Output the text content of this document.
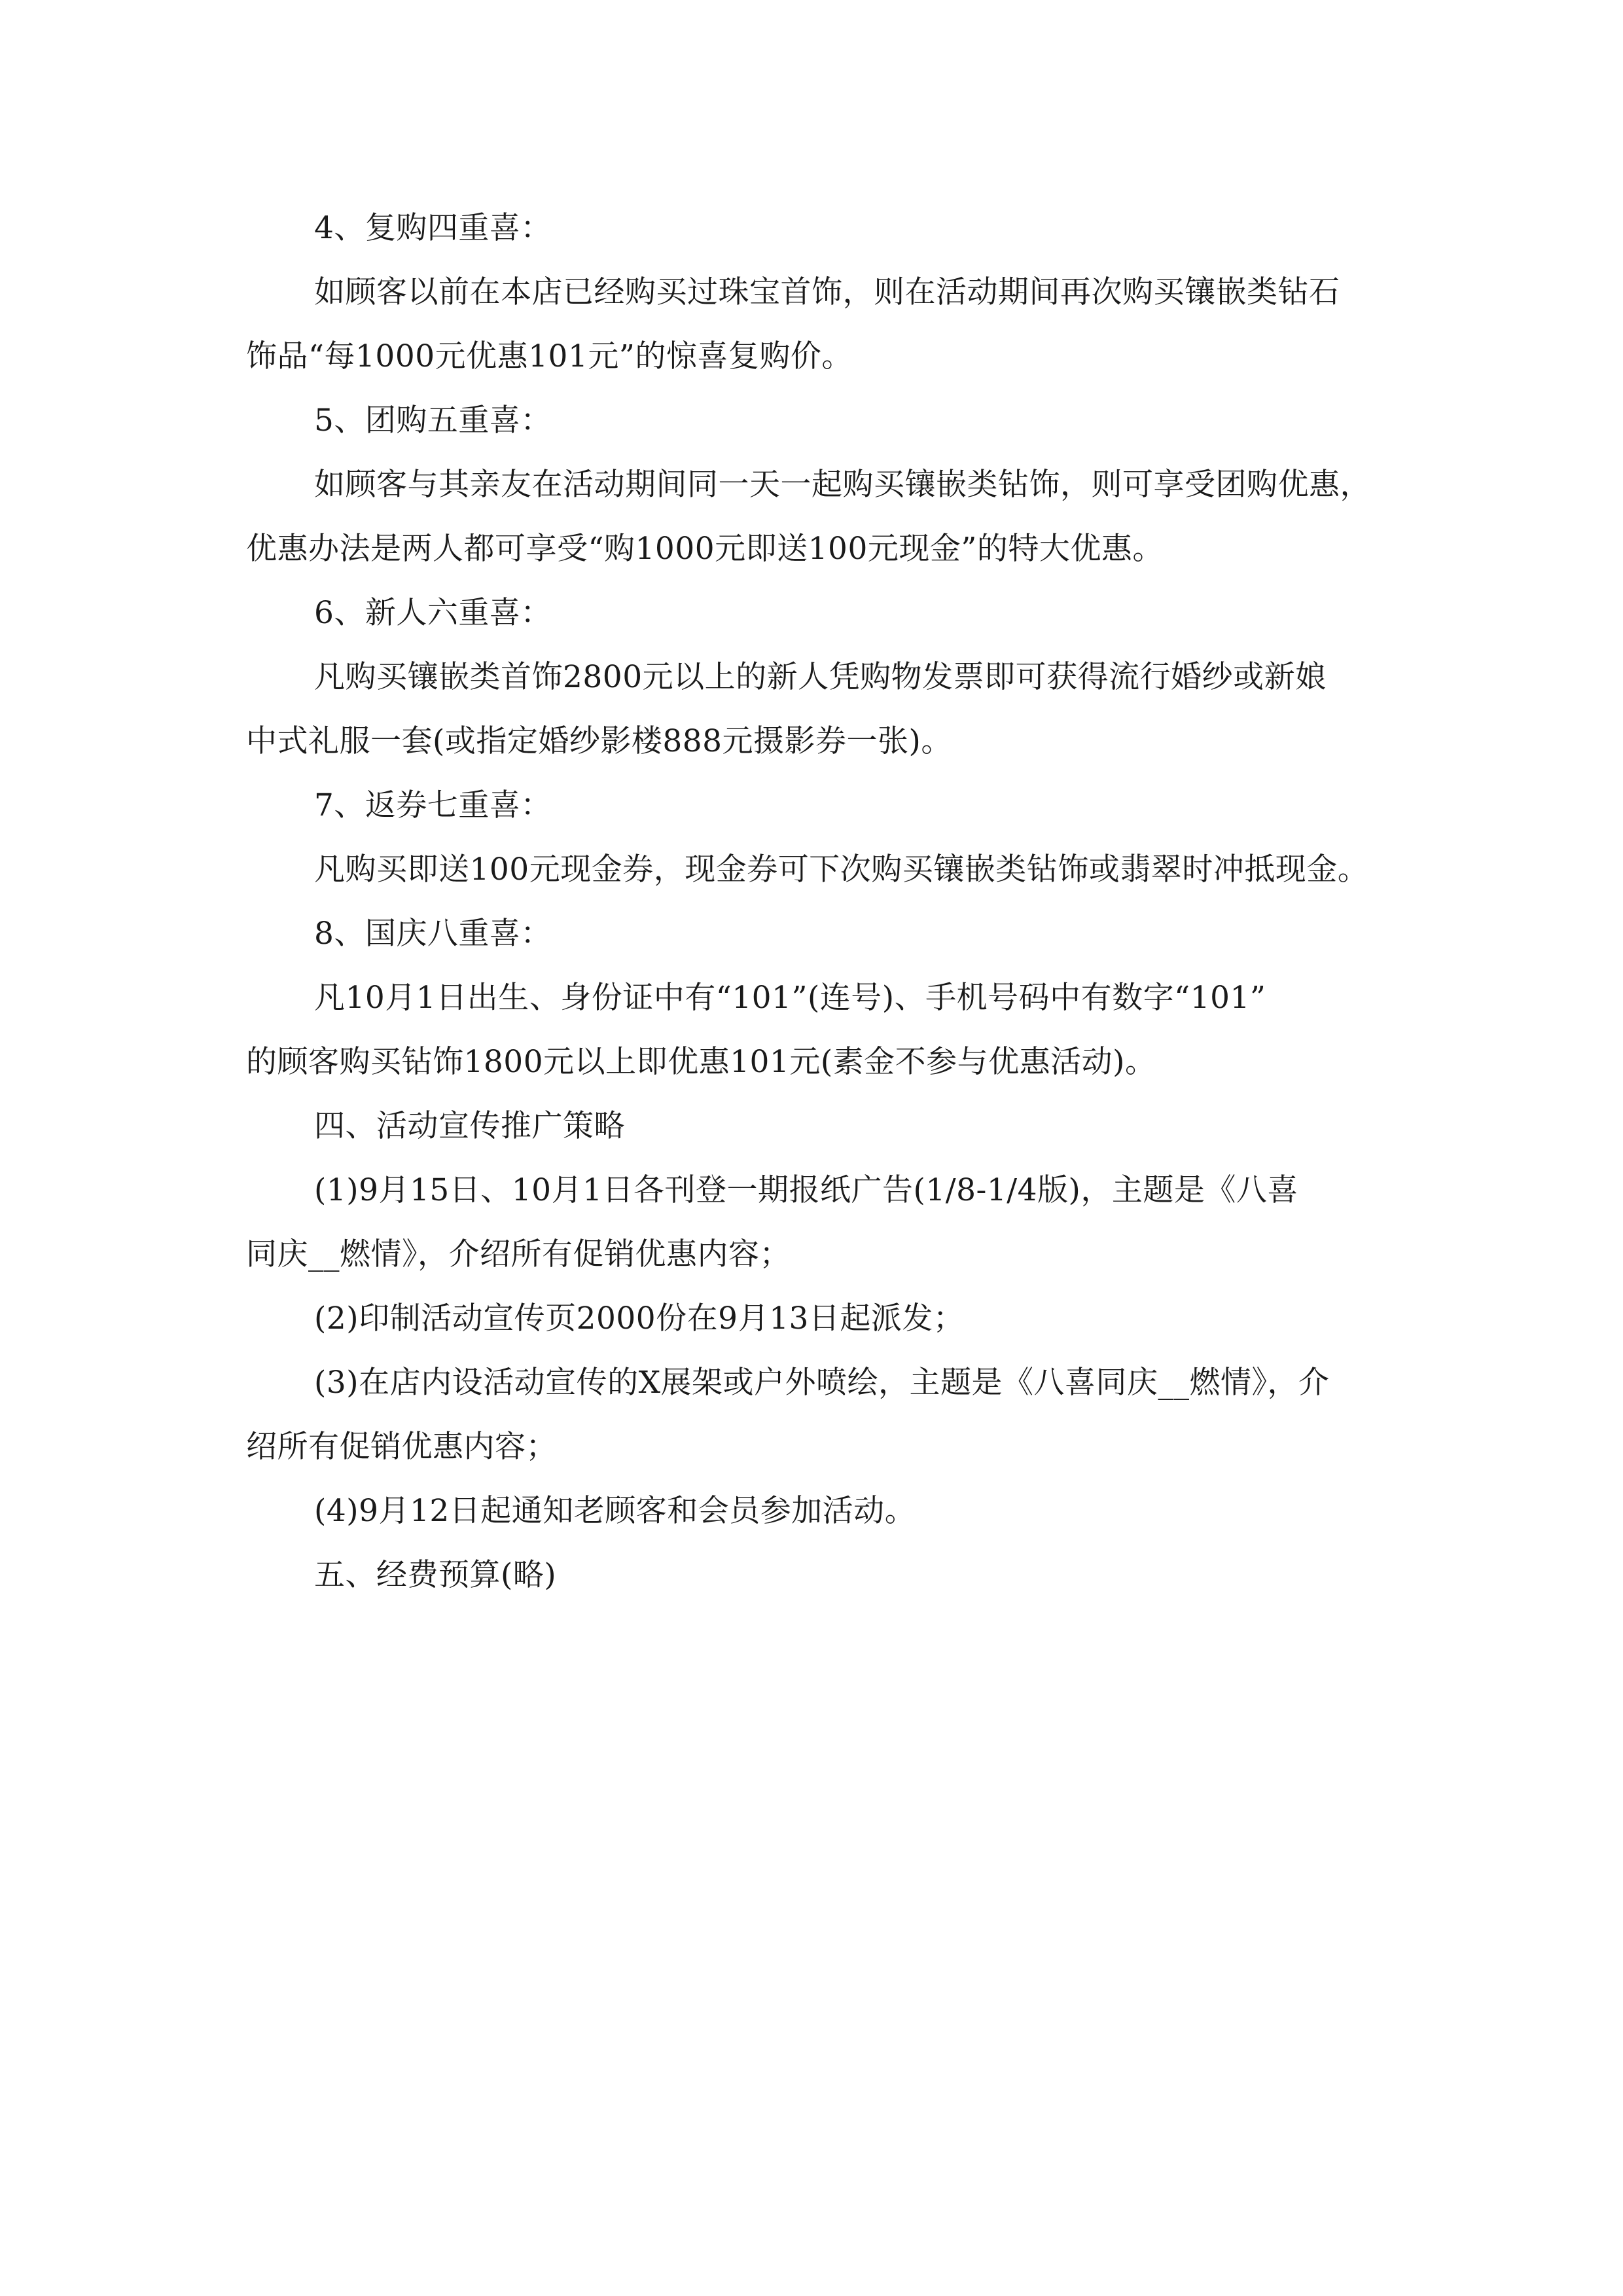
4、复购四重喜：
如顾客以前在本店已经购买过珠宝首饰，则在活动期间再次购买镶嵌类钻石
饰品“每1000元优惠101元”的惊喜复购价。
5、团购五重喜：
如顾客与其亲友在活动期间同一天一起购买镶嵌类钻饰，则可享受团购优惠，
优惠办法是两人都可享受“购1000元即送100元现金”的特大优惠。
6、新人六重喜：
凡购买镶嵌类首饰2800元以上的新人凭购物发票即可获得流行婚纱或新娘
中式礼服一套(或指定婚纱影楼888元摄影券一张)。
7、返券七重喜：
凡购买即送100元现金券，现金券可下次购买镶嵌类钻饰或翡翠时冲抵现金。
8、国庆八重喜：
凡10月1日出生、身份证中有“101”(连号)、手机号码中有数字“101”
的顾客购买钻饰1800元以上即优惠101元(素金不参与优惠活动)。
四、活动宣传推广策略
(1)9月15日、10月1日各刊登一期报纸广告(1/8-1/4版)，主题是《八喜
同庆__燃情》，介绍所有促销优惠内容；
(2)印制活动宣传页2000份在9月13日起派发；
(3)在店内设活动宣传的X展架或户外喷绘，主题是《八喜同庆__燃情》，介
绍所有促销优惠内容；
(4)9月12日起通知老顾客和会员参加活动。
五、经费预算(略)
